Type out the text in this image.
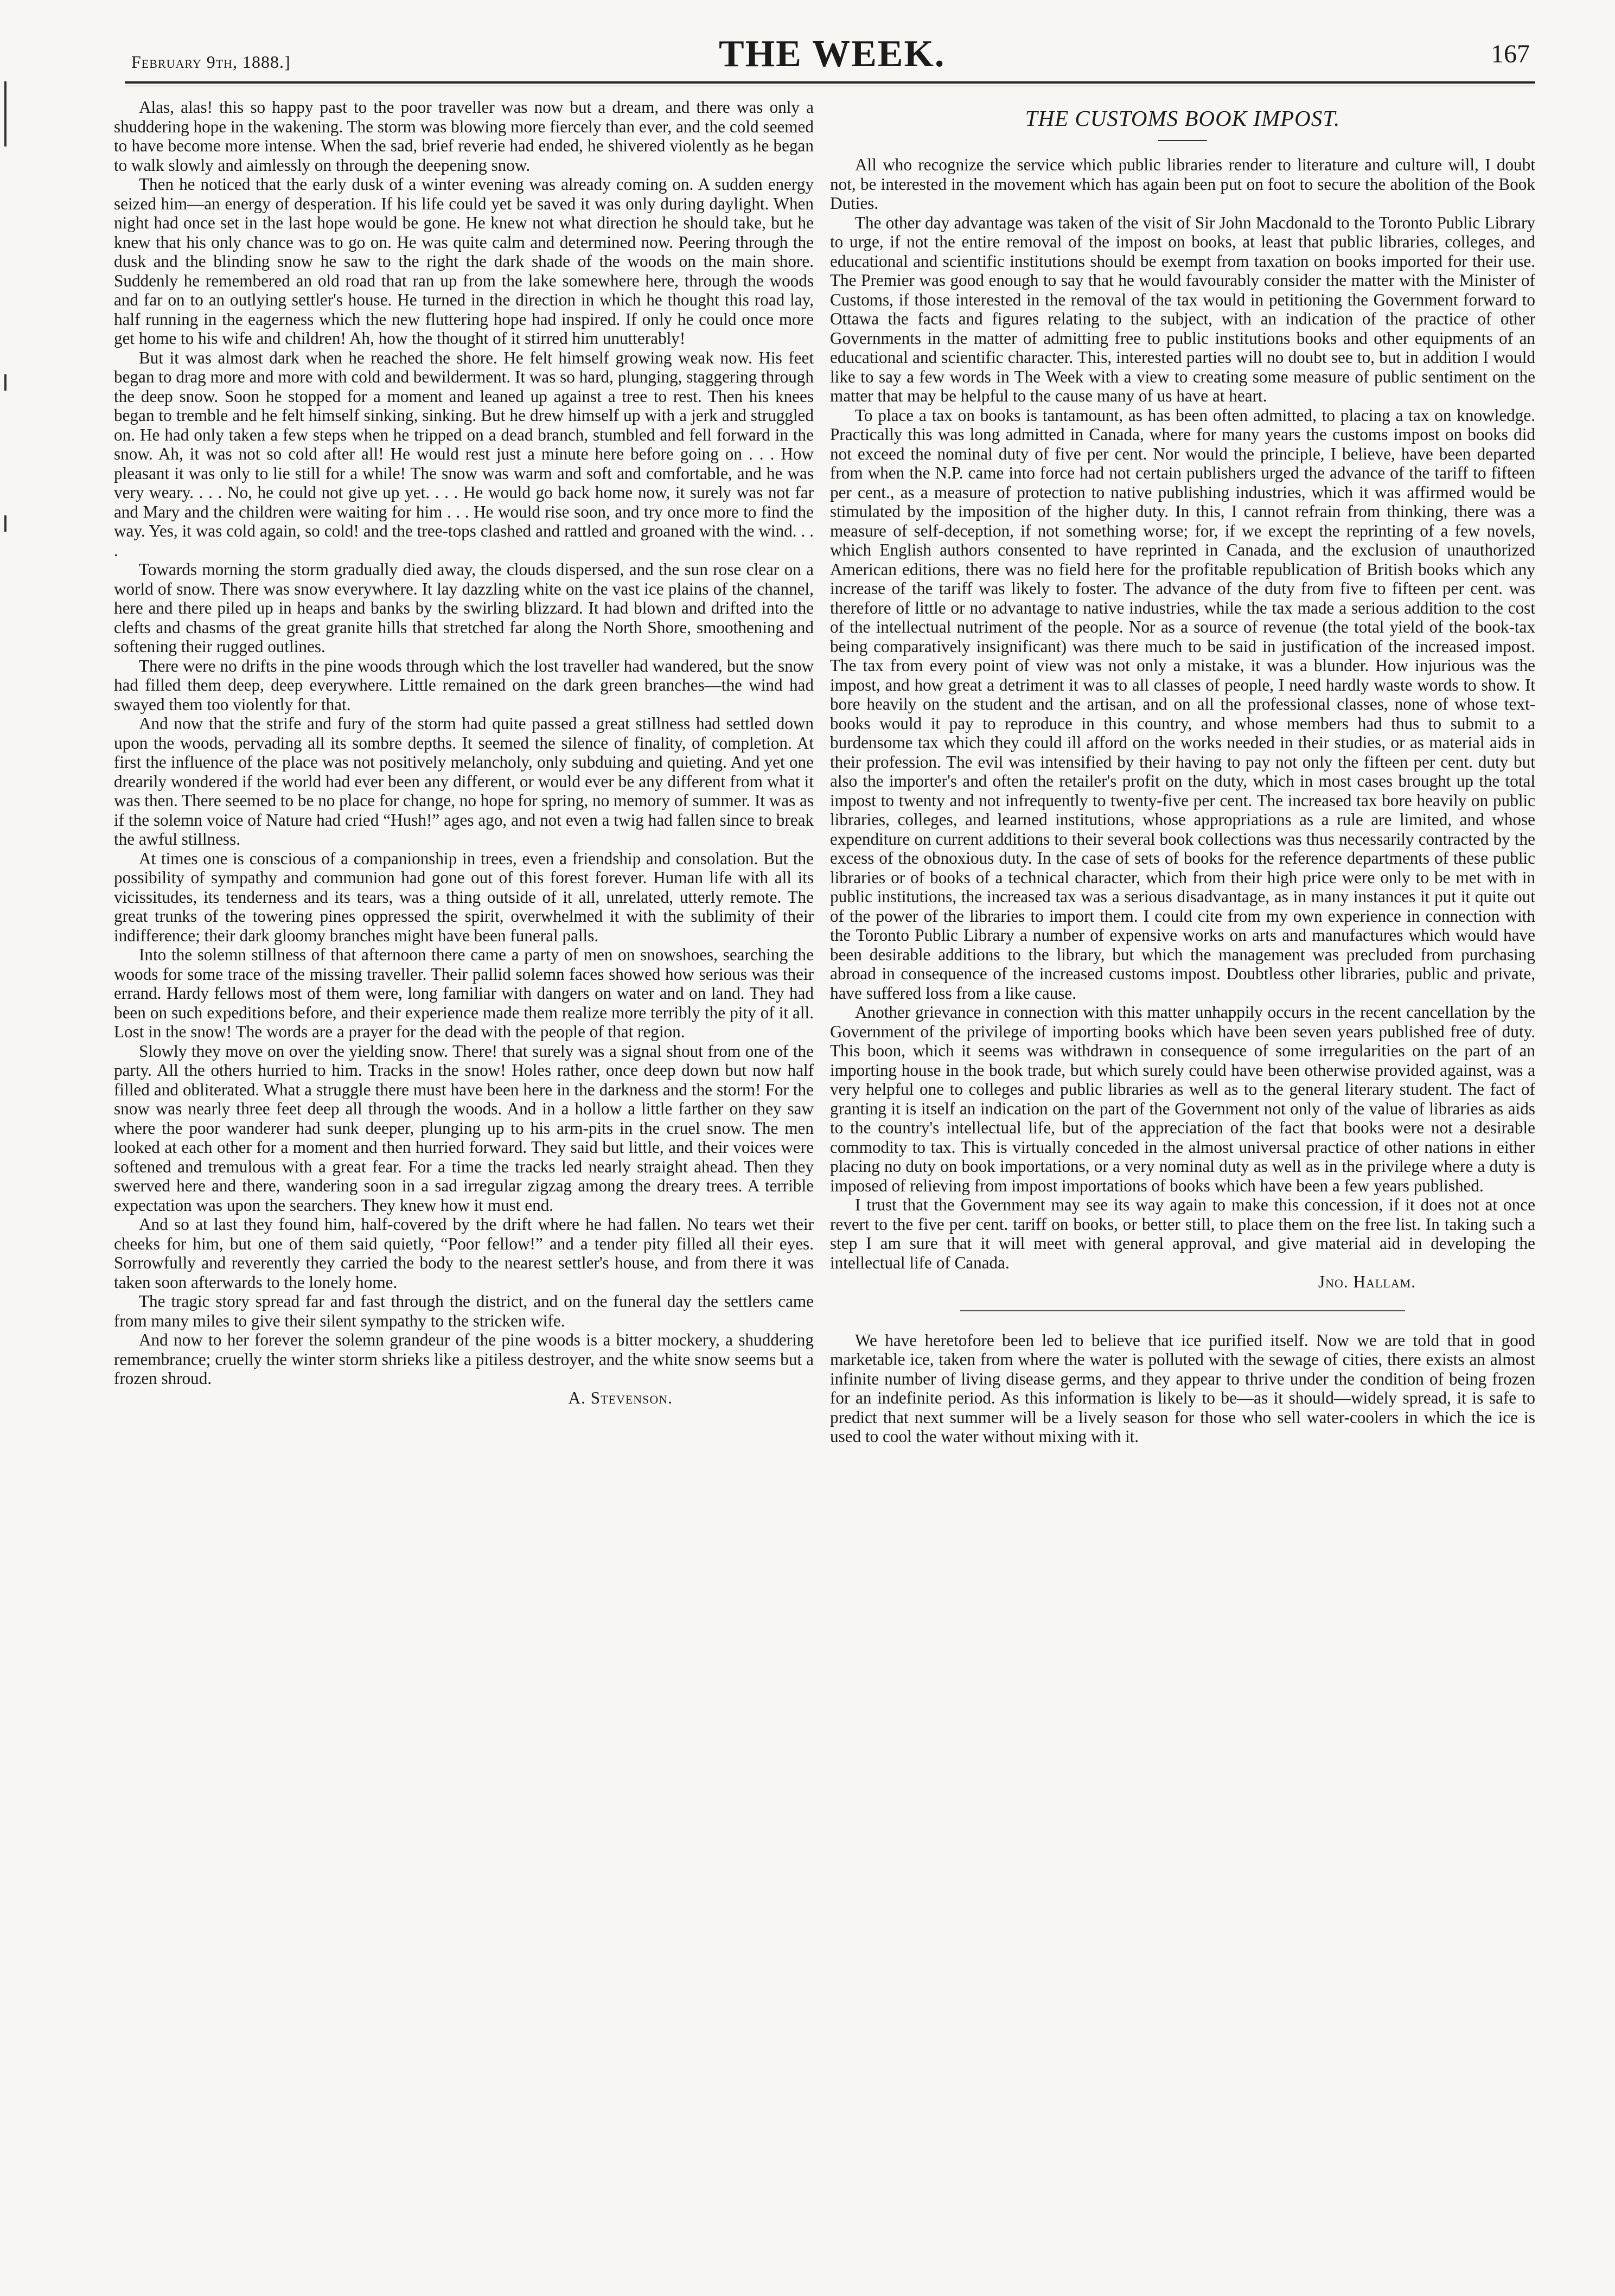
February 9th, 1888.]	THE WEEK.	167

Alas, alas! this so happy past to the poor traveller was now but a dream, and there was only a shuddering hope in the wakening. The storm was blowing more fiercely than ever, and the cold seemed to have become more intense. When the sad, brief reverie had ended, he shivered violently as he began to walk slowly and aimlessly on through the deepening snow.

Then he noticed that the early dusk of a winter evening was already coming on. A sudden energy seized him—an energy of desperation. If his life could yet be saved it was only during daylight. When night had once set in the last hope would be gone. He knew not what direction he should take, but he knew that his only chance was to go on. He was quite calm and determined now. Peering through the dusk and the blinding snow he saw to the right the dark shade of the woods on the main shore. Suddenly he remembered an old road that ran up from the lake somewhere here, through the woods and far on to an outlying settler's house. He turned in the direction in which he thought this road lay, half running in the eagerness which the new fluttering hope had inspired. If only he could once more get home to his wife and children! Ah, how the thought of it stirred him unutterably!

But it was almost dark when he reached the shore. He felt himself growing weak now. His feet began to drag more and more with cold and bewilderment. It was so hard, plunging, staggering through the deep snow. Soon he stopped for a moment and leaned up against a tree to rest. Then his knees began to tremble and he felt himself sinking, sinking. But he drew himself up with a jerk and struggled on. He had only taken a few steps when he tripped on a dead branch, stumbled and fell forward in the snow. Ah, it was not so cold after all! He would rest just a minute here before going on . . . How pleasant it was only to lie still for a while! The snow was warm and soft and comfortable, and he was very weary. . . . No, he could not give up yet. . . . He would go back home now, it surely was not far and Mary and the children were waiting for him . . . He would rise soon, and try once more to find the way. Yes, it was cold again, so cold! and the tree-tops clashed and rattled and groaned with the wind. . . .

Towards morning the storm gradually died away, the clouds dispersed, and the sun rose clear on a world of snow. There was snow everywhere. It lay dazzling white on the vast ice plains of the channel, here and there piled up in heaps and banks by the swirling blizzard. It had blown and drifted into the clefts and chasms of the great granite hills that stretched far along the North Shore, smoothening and softening their rugged outlines.

There were no drifts in the pine woods through which the lost traveller had wandered, but the snow had filled them deep, deep everywhere. Little remained on the dark green branches—the wind had swayed them too violently for that.

And now that the strife and fury of the storm had quite passed a great stillness had settled down upon the woods, pervading all its sombre depths. It seemed the silence of finality, of completion. At first the influence of the place was not positively melancholy, only subduing and quieting. And yet one drearily wondered if the world had ever been any different, or would ever be any different from what it was then. There seemed to be no place for change, no hope for spring, no memory of summer. It was as if the solemn voice of Nature had cried “Hush!” ages ago, and not even a twig had fallen since to break the awful stillness.

At times one is conscious of a companionship in trees, even a friendship and consolation. But the possibility of sympathy and communion had gone out of this forest forever. Human life with all its vicissitudes, its tenderness and its tears, was a thing outside of it all, unrelated, utterly remote. The great trunks of the towering pines oppressed the spirit, overwhelmed it with the sublimity of their indifference; their dark gloomy branches might have been funeral palls.

Into the solemn stillness of that afternoon there came a party of men on snowshoes, searching the woods for some trace of the missing traveller. Their pallid solemn faces showed how serious was their errand. Hardy fellows most of them were, long familiar with dangers on water and on land. They had been on such expeditions before, and their experience made them realize more terribly the pity of it all. Lost in the snow! The words are a prayer for the dead with the people of that region.

Slowly they move on over the yielding snow. There! that surely was a signal shout from one of the party. All the others hurried to him. Tracks in the snow! Holes rather, once deep down but now half filled and obliterated. What a struggle there must have been here in the darkness and the storm! For the snow was nearly three feet deep all through the woods. And in a hollow a little farther on they saw where the poor wanderer had sunk deeper, plunging up to his arm-pits in the cruel snow. The men looked at each other for a moment and then hurried forward. They said but little, and their voices were softened and tremulous with a great fear. For a time the tracks led nearly straight ahead. Then they swerved here and there, wandering soon in a sad irregular zigzag among the dreary trees. A terrible expectation was upon the searchers. They knew how it must end.

And so at last they found him, half-covered by the drift where he had fallen. No tears wet their cheeks for him, but one of them said quietly, “Poor fellow!” and a tender pity filled all their eyes. Sorrowfully and reverently they carried the body to the nearest settler's house, and from there it was taken soon afterwards to the lonely home.

The tragic story spread far and fast through the district, and on the funeral day the settlers came from many miles to give their silent sympathy to the stricken wife.

And now to her forever the solemn grandeur of the pine woods is a bitter mockery, a shuddering remembrance; cruelly the winter storm shrieks like a pitiless destroyer, and the white snow seems but a frozen shroud.

A. Stevenson.

THE CUSTOMS BOOK IMPOST.

All who recognize the service which public libraries render to literature and culture will, I doubt not, be interested in the movement which has again been put on foot to secure the abolition of the Book Duties.

The other day advantage was taken of the visit of Sir John Macdonald to the Toronto Public Library to urge, if not the entire removal of the impost on books, at least that public libraries, colleges, and educational and scientific institutions should be exempt from taxation on books imported for their use. The Premier was good enough to say that he would favourably consider the matter with the Minister of Customs, if those interested in the removal of the tax would in petitioning the Government forward to Ottawa the facts and figures relating to the subject, with an indication of the practice of other Governments in the matter of admitting free to public institutions books and other equipments of an educational and scientific character. This, interested parties will no doubt see to, but in addition I would like to say a few words in The Week with a view to creating some measure of public sentiment on the matter that may be helpful to the cause many of us have at heart.

To place a tax on books is tantamount, as has been often admitted, to placing a tax on knowledge. Practically this was long admitted in Canada, where for many years the customs impost on books did not exceed the nominal duty of five per cent. Nor would the principle, I believe, have been departed from when the N.P. came into force had not certain publishers urged the advance of the tariff to fifteen per cent., as a measure of protection to native publishing industries, which it was affirmed would be stimulated by the imposition of the higher duty. In this, I cannot refrain from thinking, there was a measure of self-deception, if not something worse; for, if we except the reprinting of a few novels, which English authors consented to have reprinted in Canada, and the exclusion of unauthorized American editions, there was no field here for the profitable republication of British books which any increase of the tariff was likely to foster. The advance of the duty from five to fifteen per cent. was therefore of little or no advantage to native industries, while the tax made a serious addition to the cost of the intellectual nutriment of the people. Nor as a source of revenue (the total yield of the book-tax being comparatively insignificant) was there much to be said in justification of the increased impost. The tax from every point of view was not only a mistake, it was a blunder. How injurious was the impost, and how great a detriment it was to all classes of people, I need hardly waste words to show. It bore heavily on the student and the artisan, and on all the professional classes, none of whose text-books would it pay to reproduce in this country, and whose members had thus to submit to a burdensome tax which they could ill afford on the works needed in their studies, or as material aids in their profession. The evil was intensified by their having to pay not only the fifteen per cent. duty but also the importer's and often the retailer's profit on the duty, which in most cases brought up the total impost to twenty and not infrequently to twenty-five per cent. The increased tax bore heavily on public libraries, colleges, and learned institutions, whose appropriations as a rule are limited, and whose expenditure on current additions to their several book collections was thus necessarily contracted by the excess of the obnoxious duty. In the case of sets of books for the reference departments of these public libraries or of books of a technical character, which from their high price were only to be met with in public institutions, the increased tax was a serious disadvantage, as in many instances it put it quite out of the power of the libraries to import them. I could cite from my own experience in connection with the Toronto Public Library a number of expensive works on arts and manufactures which would have been desirable additions to the library, but which the management was precluded from purchasing abroad in consequence of the increased customs impost. Doubtless other libraries, public and private, have suffered loss from a like cause.

Another grievance in connection with this matter unhappily occurs in the recent cancellation by the Government of the privilege of importing books which have been seven years published free of duty. This boon, which it seems was withdrawn in consequence of some irregularities on the part of an importing house in the book trade, but which surely could have been otherwise provided against, was a very helpful one to colleges and public libraries as well as to the general literary student. The fact of granting it is itself an indication on the part of the Government not only of the value of libraries as aids to the country's intellectual life, but of the appreciation of the fact that books were not a desirable commodity to tax. This is virtually conceded in the almost universal practice of other nations in either placing no duty on book importations, or a very nominal duty as well as in the privilege where a duty is imposed of relieving from impost importations of books which have been a few years published.

I trust that the Government may see its way again to make this concession, if it does not at once revert to the five per cent. tariff on books, or better still, to place them on the free list. In taking such a step I am sure that it will meet with general approval, and give material aid in developing the intellectual life of Canada.

Jno. Hallam.

We have heretofore been led to believe that ice purified itself. Now we are told that in good marketable ice, taken from where the water is polluted with the sewage of cities, there exists an almost infinite number of living disease germs, and they appear to thrive under the condition of being frozen for an indefinite period. As this information is likely to be—as it should—widely spread, it is safe to predict that next summer will be a lively season for those who sell water-coolers in which the ice is used to cool the water without mixing with it.
